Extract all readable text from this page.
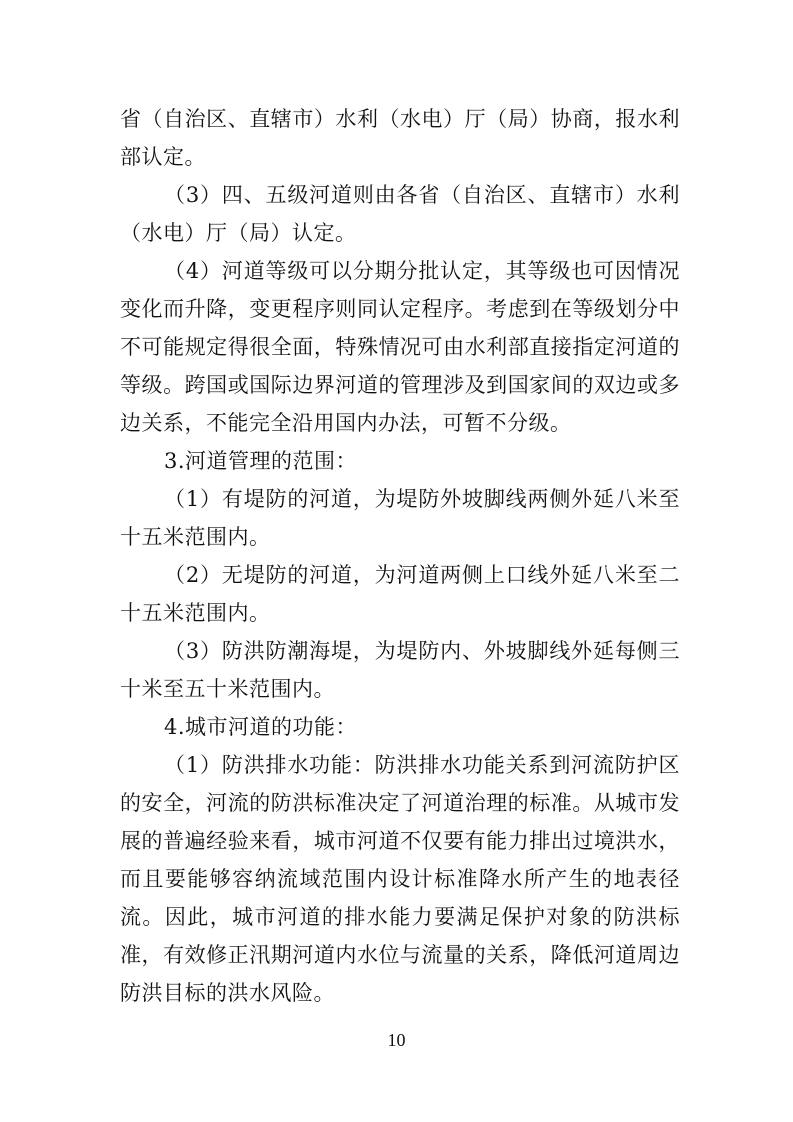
省（自治区、直辖市）水利（水电）厅（局）协商，报水利部认定。

（3）四、五级河道则由各省（自治区、直辖市）水利（水电）厅（局）认定。

（4）河道等级可以分期分批认定，其等级也可因情况变化而升降，变更程序则同认定程序。考虑到在等级划分中不可能规定得很全面，特殊情况可由水利部直接指定河道的等级。跨国或国际边界河道的管理涉及到国家间的双边或多边关系，不能完全沿用国内办法，可暂不分级。

3.河道管理的范围：

（1）有堤防的河道，为堤防外坡脚线两侧外延八米至十五米范围内。

（2）无堤防的河道，为河道两侧上口线外延八米至二十五米范围内。

（3）防洪防潮海堤，为堤防内、外坡脚线外延每侧三十米至五十米范围内。

4.城市河道的功能：

（1）防洪排水功能：防洪排水功能关系到河流防护区的安全，河流的防洪标准决定了河道治理的标准。从城市发展的普遍经验来看，城市河道不仅要有能力排出过境洪水，而且要能够容纳流域范围内设计标准降水所产生的地表径流。因此，城市河道的排水能力要满足保护对象的防洪标准，有效修正汛期河道内水位与流量的关系，降低河道周边防洪目标的洪水风险。

10
